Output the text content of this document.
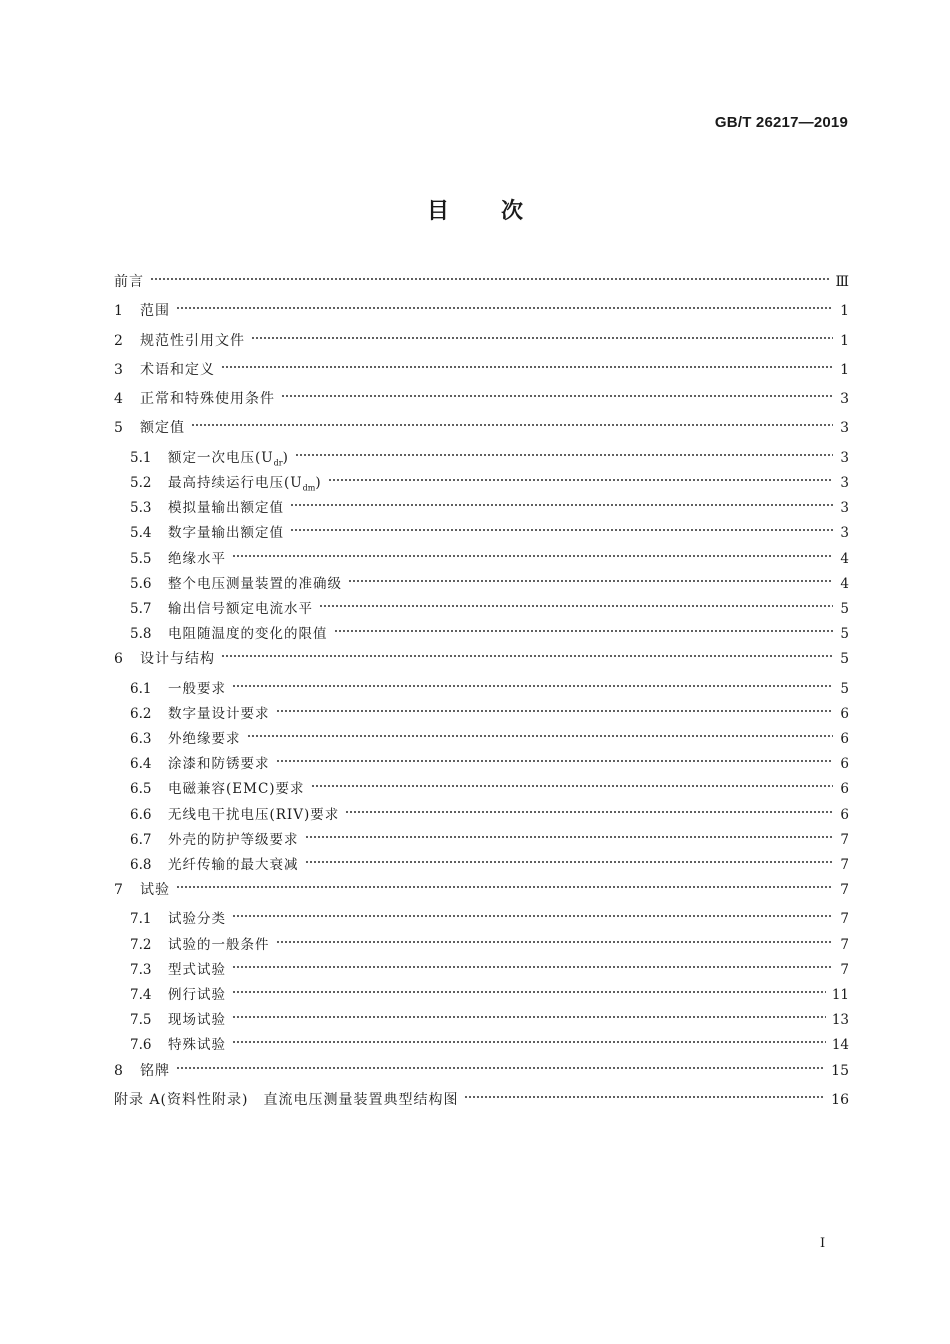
GB/T 26217—2019
目 次
前言	Ⅲ
1	范围	1
2	规范性引用文件	1
3	术语和定义	1
4	正常和特殊使用条件	3
5	额定值	3
5.1	额定一次电压$(U_{dr})$	3
5.2	最高持续运行电压$(U_{dm})$	3
5.3	模拟量输出额定值	3
5.4	数字量输出额定值	3
5.5	绝缘水平	4
5.6	整个电压测量装置的准确级	4
5.7	输出信号额定电流水平	5
5.8	电阻随温度的变化的限值	5
6	设计与结构	5
6.1	一般要求	5
6.2	数字量设计要求	6
6.3	外绝缘要求	6
6.4	涂漆和防锈要求	6
6.5	电磁兼容(EMC)要求	6
6.6	无线电干扰电压(RIV)要求	6
6.7	外壳的防护等级要求	7
6.8	光纤传输的最大衰减	7
7	试验	7
7.1	试验分类	7
7.2	试验的一般条件	7
7.3	型式试验	7
7.4	例行试验	11
7.5	现场试验	13
7.6	特殊试验	14
8	铭牌	15
附录 A(资料性附录)　直流电压测量装置典型结构图	16
Ⅰ
